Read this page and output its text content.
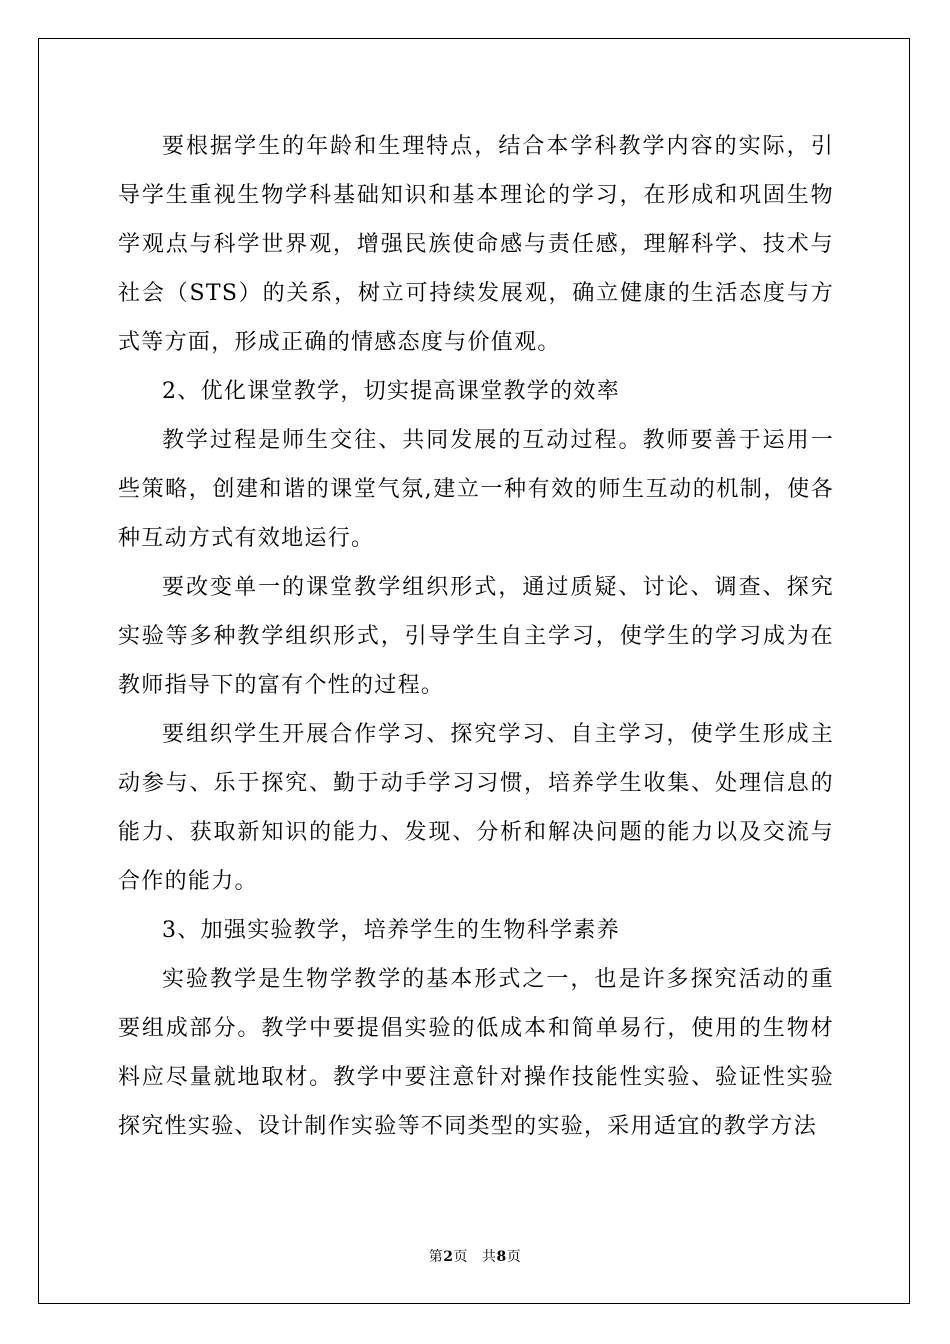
要根据学生的年龄和生理特点，结合本学科教学内容的实际，引导学生重视生物学科基础知识和基本理论的学习，在形成和巩固生物学观点与科学世界观，增强民族使命感与责任感，理解科学、技术与社会（STS）的关系，树立可持续发展观，确立健康的生活态度与方式等方面，形成正确的情感态度与价值观。

2、优化课堂教学，切实提高课堂教学的效率

教学过程是师生交往、共同发展的互动过程。教师要善于运用一些策略，创建和谐的课堂气氛,建立一种有效的师生互动的机制，使各种互动方式有效地运行。

要改变单一的课堂教学组织形式，通过质疑、讨论、调查、探究实验等多种教学组织形式，引导学生自主学习，使学生的学习成为在教师指导下的富有个性的过程。

要组织学生开展合作学习、探究学习、自主学习，使学生形成主动参与、乐于探究、勤于动手学习习惯，培养学生收集、处理信息的能力、获取新知识的能力、发现、分析和解决问题的能力以及交流与合作的能力。

3、加强实验教学，培养学生的生物科学素养

实验教学是生物学教学的基本形式之一，也是许多探究活动的重要组成部分。教学中要提倡实验的低成本和简单易行，使用的生物材料应尽量就地取材。教学中要注意针对操作技能性实验、验证性实验探究性实验、设计制作实验等不同类型的实验，采用适宜的教学方法

第2页 共8页
